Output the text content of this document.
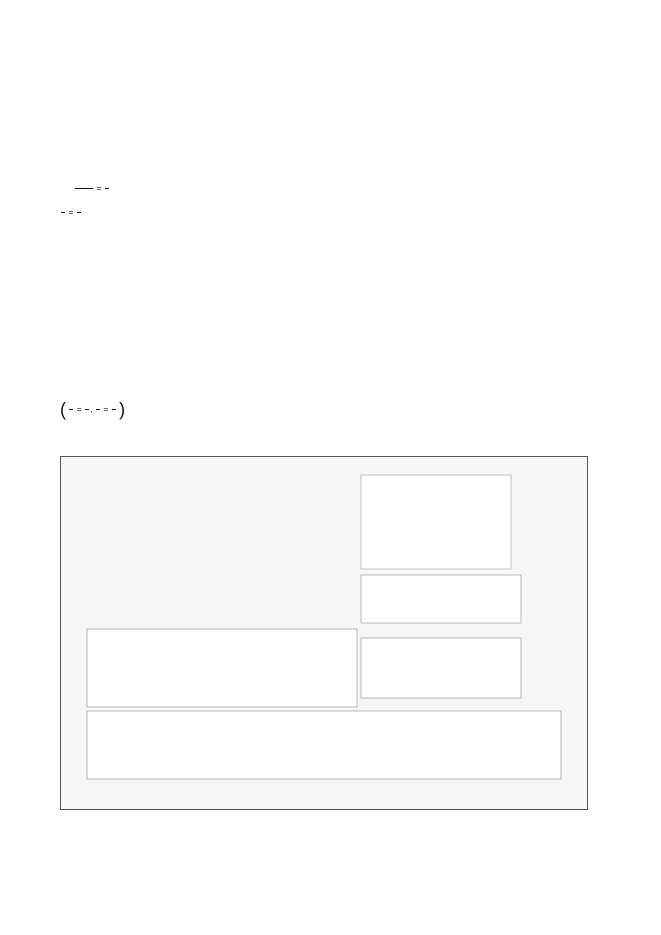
=

=

(
=
,
=
)
